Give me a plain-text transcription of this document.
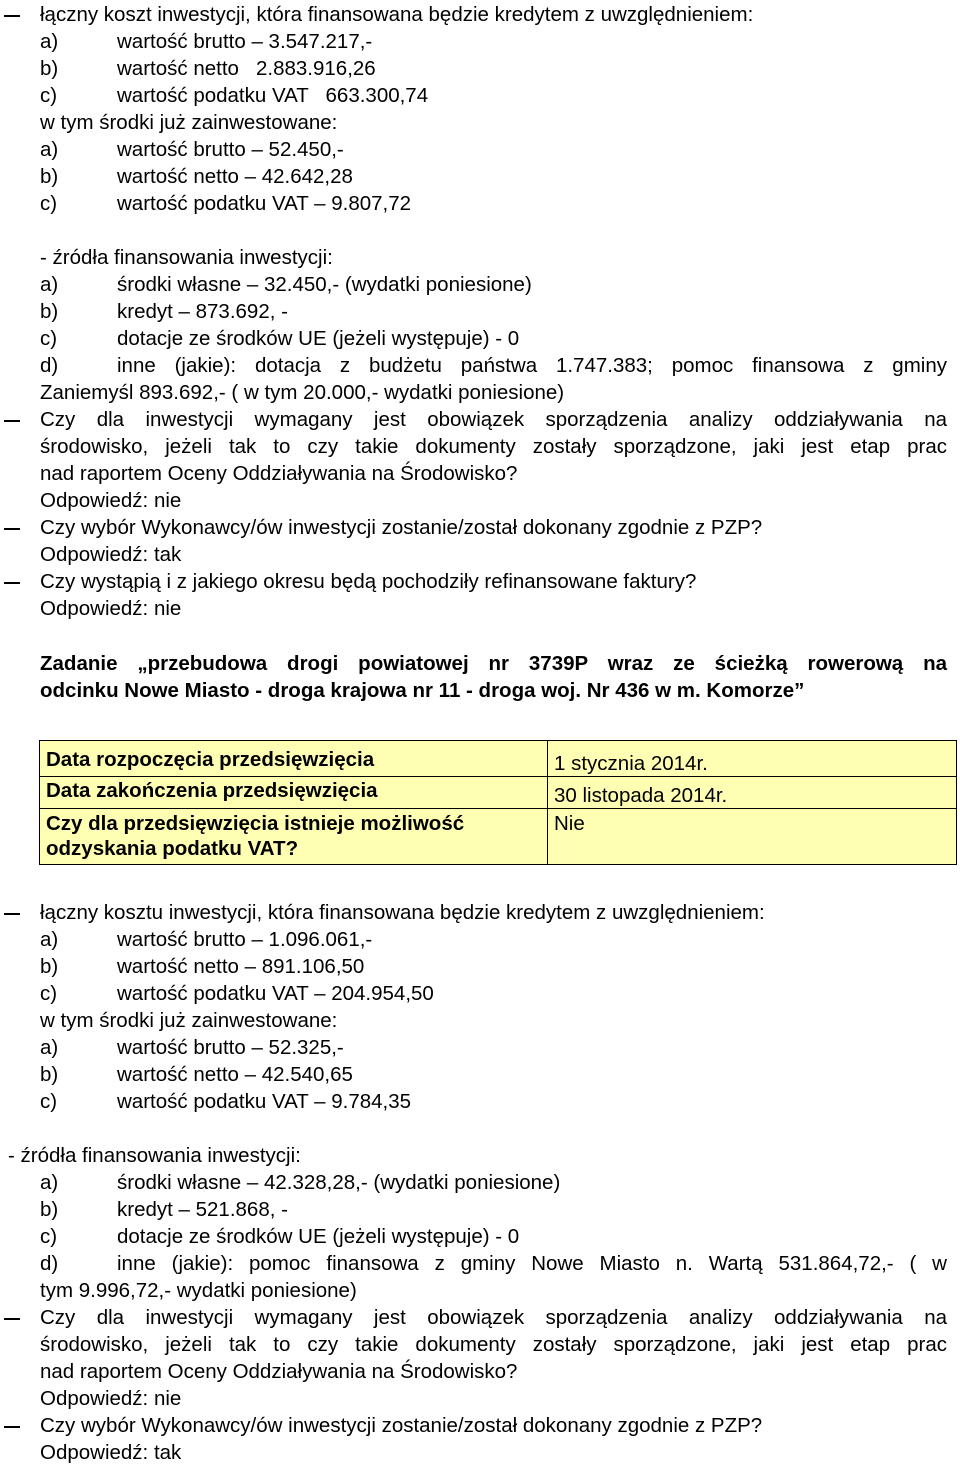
łączny koszt inwestycji, która finansowana będzie kredytem z uwzględnieniem:
a)	wartość brutto – 3.547.217,-
b)	wartość netto   2.883.916,26
c)	wartość podatku VAT   663.300,74
w tym środki już zainwestowane:
a)	wartość brutto – 52.450,-
b)	wartość netto – 42.642,28
c)	wartość podatku VAT – 9.807,72
- źródła finansowania inwestycji:
a)	środki własne – 32.450,- (wydatki poniesione)
b)	kredyt – 873.692, -
c)	dotacje ze środków UE (jeżeli występuje) - 0
d)	inne (jakie): dotacja z budżetu państwa 1.747.383; pomoc finansowa z gminy
Zaniemyśl 893.692,- ( w tym 20.000,- wydatki poniesione)
Czy dla inwestycji wymagany jest obowiązek sporządzenia analizy oddziaływania na
środowisko, jeżeli tak to czy takie dokumenty zostały sporządzone, jaki jest etap prac
nad raportem Oceny Oddziaływania na Środowisko?
Odpowiedź: nie
Czy wybór Wykonawcy/ów inwestycji zostanie/został dokonany zgodnie z PZP?
Odpowiedź: tak
Czy wystąpią i z jakiego okresu będą pochodziły refinansowane faktury?
Odpowiedź: nie
Zadanie „przebudowa drogi powiatowej nr 3739P wraz ze ścieżką rowerową na
odcinku Nowe Miasto - droga krajowa nr 11 - droga woj. Nr 436 w m. Komorze”
Data rozpoczęcia przedsięwzięcia	1 stycznia 2014r.
Data zakończenia przedsięwzięcia	30 listopada 2014r.

Czy dla przedsięwzięcia istnieje możliwość
odzyskania podatku VAT?	Nie
łączny kosztu inwestycji, która finansowana będzie kredytem z uwzględnieniem:
a)	wartość brutto – 1.096.061,-
b)	wartość netto – 891.106,50
c)	wartość podatku VAT – 204.954,50
w tym środki już zainwestowane:
a)	wartość brutto – 52.325,-
b)	wartość netto – 42.540,65
c)	wartość podatku VAT – 9.784,35
- źródła finansowania inwestycji:
a)	środki własne – 42.328,28,- (wydatki poniesione)
b)	kredyt – 521.868, -
c)	dotacje ze środków UE (jeżeli występuje) - 0
d)	inne (jakie): pomoc finansowa z gminy Nowe Miasto n. Wartą 531.864,72,- ( w
tym 9.996,72,- wydatki poniesione)
Czy dla inwestycji wymagany jest obowiązek sporządzenia analizy oddziaływania na
środowisko, jeżeli tak to czy takie dokumenty zostały sporządzone, jaki jest etap prac
nad raportem Oceny Oddziaływania na Środowisko?
Odpowiedź: nie
Czy wybór Wykonawcy/ów inwestycji zostanie/został dokonany zgodnie z PZP?
Odpowiedź: tak
